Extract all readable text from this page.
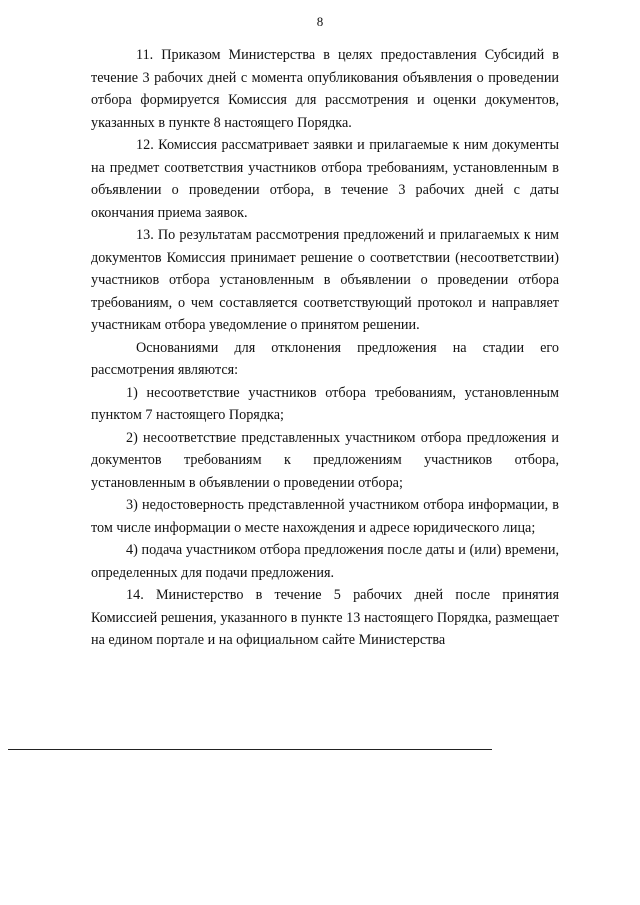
8

11. Приказом Министерства в целях предоставления Субсидий в течение 3 рабочих дней с момента опубликования объявления о проведении отбора формируется Комиссия для рассмотрения и оценки документов, указанных в пункте 8 настоящего Порядка.

12. Комиссия рассматривает заявки и прилагаемые к ним документы на предмет соответствия участников отбора требованиям, установленным в объявлении о проведении отбора, в течение 3 рабочих дней с даты окончания приема заявок.

13. По результатам рассмотрения предложений и прилагаемых к ним документов Комиссия принимает решение о соответствии (несоответствии) участников отбора установленным в объявлении о проведении отбора требованиям, о чем составляется соответствующий протокол и направляет участникам отбора уведомление о принятом решении.

Основаниями для отклонения предложения на стадии его рассмотрения являются:

1) несоответствие участников отбора требованиям, установленным пунктом 7 настоящего Порядка;

2) несоответствие представленных участником отбора предложения и документов требованиям к предложениям участников отбора, установленным в объявлении о проведении отбора;

3) недостоверность представленной участником отбора информации, в том числе информации о месте нахождения и адресе юридического лица;

4) подача участником отбора предложения после даты и (или) времени, определенных для подачи предложения.

14. Министерство в течение 5 рабочих дней после принятия Комиссией решения, указанного в пункте 13 настоящего Порядка, размещает на едином портале и на официальном сайте Министерства
